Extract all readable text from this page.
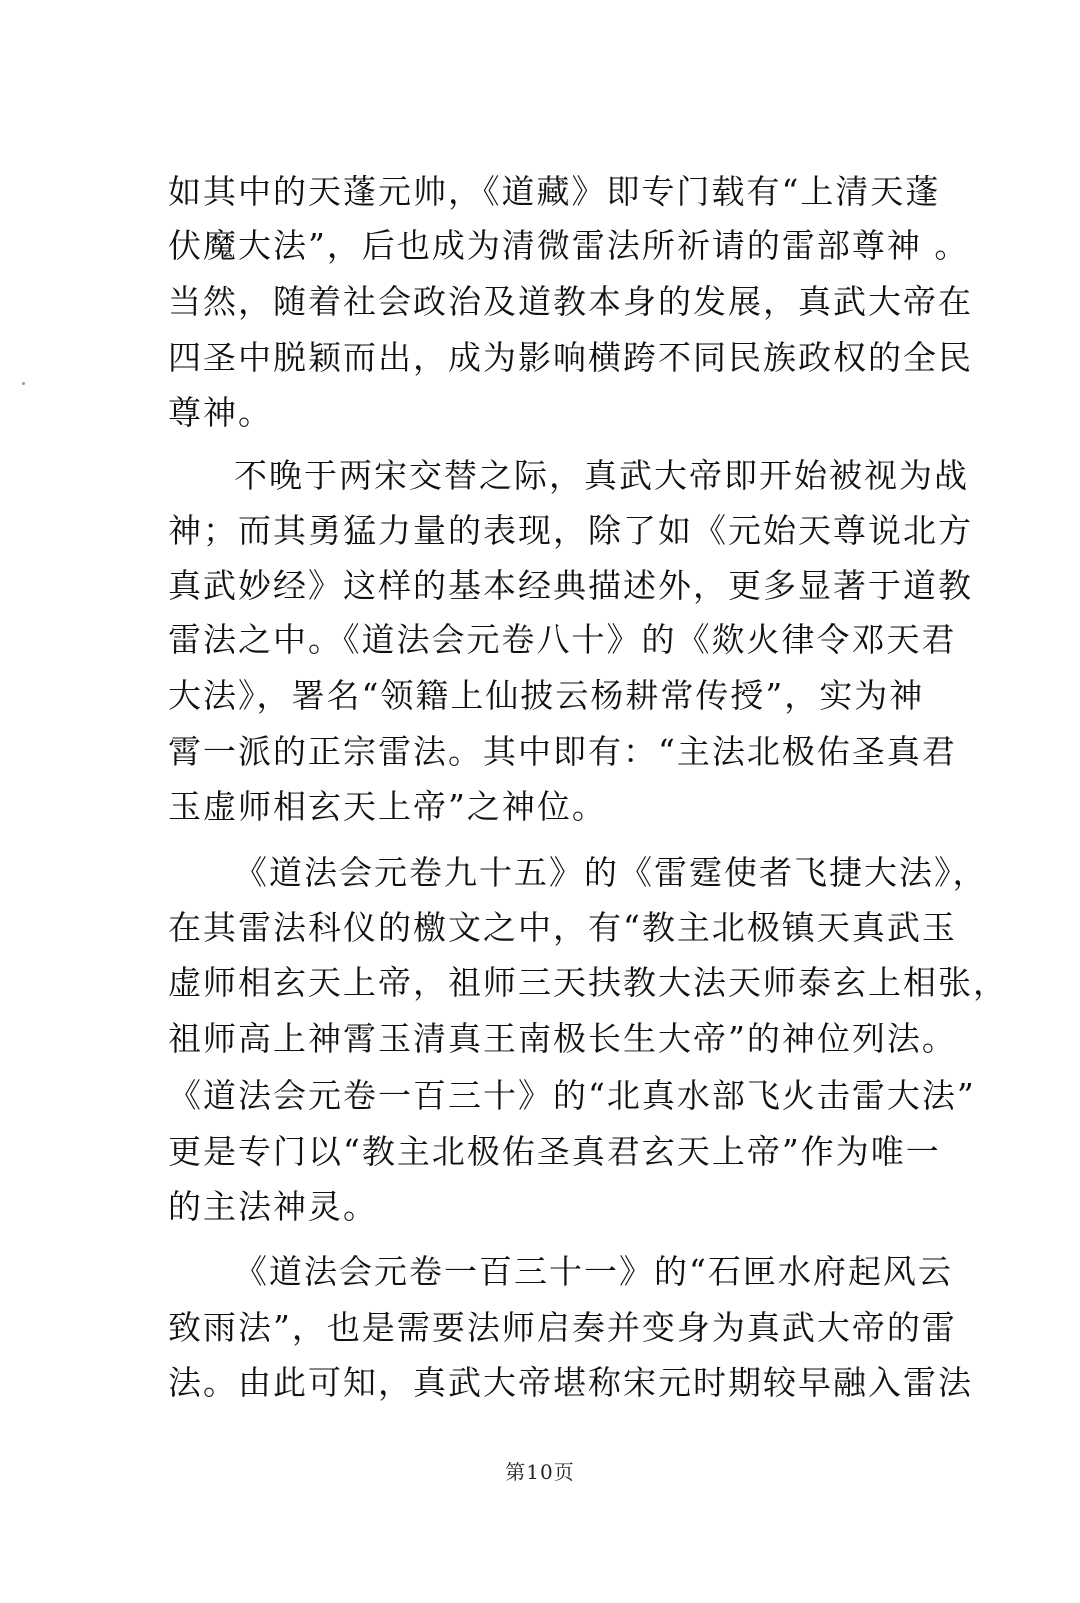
如其中的天蓬元帅，《道藏》即专门载有“上清天蓬
伏魔大法”，后也成为清微雷法所祈请的雷部尊神 。
当然，随着社会政治及道教本身的发展，真武大帝在
四圣中脱颖而出，成为影响横跨不同民族政权的全民
尊神。
不晚于两宋交替之际，真武大帝即开始被视为战
神；而其勇猛力量的表现，除了如《元始天尊说北方
真武妙经》这样的基本经典描述外，更多显著于道教
雷法之中。《道法会元卷八十》的《欻火律令邓天君
大法》，署名“领籍上仙披云杨耕常传授”，实为神
霄一派的正宗雷法。其中即有：“主法北极佑圣真君
玉虚师相玄天上帝”之神位。
《道法会元卷九十五》的《雷霆使者飞捷大法》，
在其雷法科仪的檄文之中，有“教主北极镇天真武玉
虚师相玄天上帝，祖师三天扶教大法天师泰玄上相张，
祖师高上神霄玉清真王南极长生大帝”的神位列法。
《道法会元卷一百三十》的“北真水部飞火击雷大法”
更是专门以“教主北极佑圣真君玄天上帝”作为唯一
的主法神灵。
《道法会元卷一百三十一》的“石匣水府起风云
致雨法”，也是需要法师启奏并变身为真武大帝的雷
法。由此可知，真武大帝堪称宋元时期较早融入雷法
第10页
